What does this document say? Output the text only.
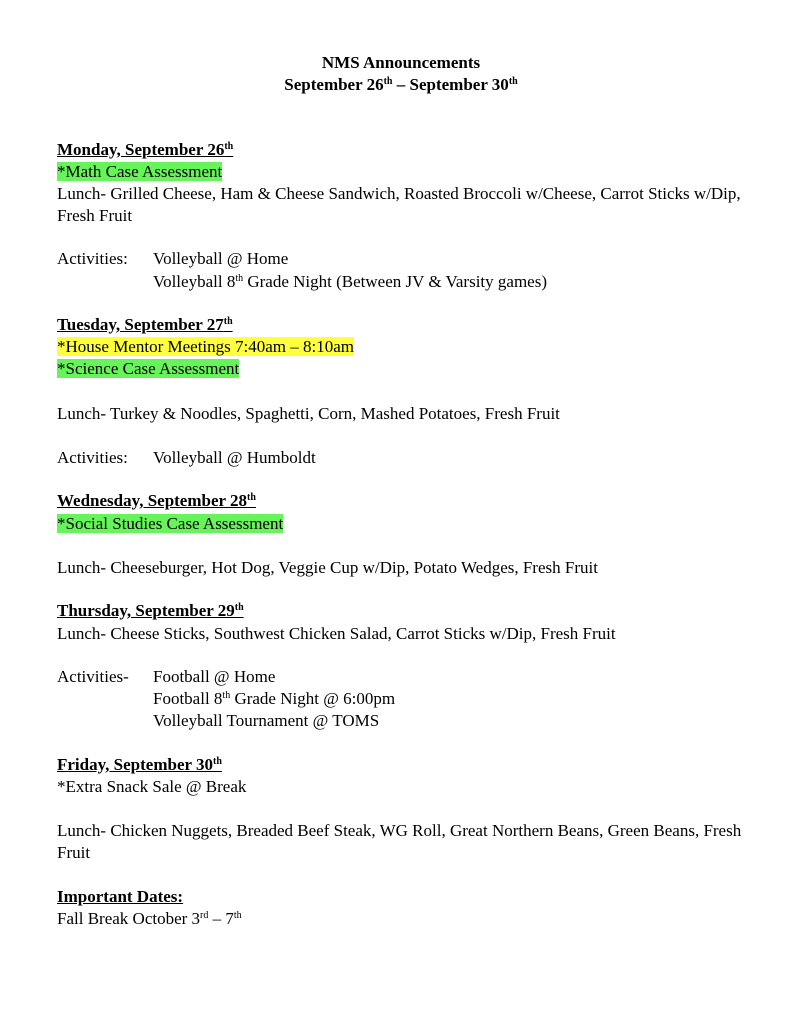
NMS Announcements
September 26th – September 30th
Monday, September 26th
*Math Case Assessment
Lunch- Grilled Cheese, Ham & Cheese Sandwich, Roasted Broccoli w/Cheese, Carrot Sticks w/Dip, Fresh Fruit
Activities: Volleyball @ Home
Volleyball 8th Grade Night (Between JV & Varsity games)
Tuesday, September 27th
*House Mentor Meetings 7:40am – 8:10am
*Science Case Assessment
Lunch- Turkey & Noodles, Spaghetti, Corn, Mashed Potatoes, Fresh Fruit
Activities: Volleyball @ Humboldt
Wednesday, September 28th
*Social Studies Case Assessment
Lunch- Cheeseburger, Hot Dog, Veggie Cup w/Dip, Potato Wedges, Fresh Fruit
Thursday, September 29th
Lunch- Cheese Sticks, Southwest Chicken Salad, Carrot Sticks w/Dip, Fresh Fruit
Activities- Football @ Home
Football 8th Grade Night @ 6:00pm
Volleyball Tournament @ TOMS
Friday, September 30th
*Extra Snack Sale @ Break
Lunch- Chicken Nuggets, Breaded Beef Steak, WG Roll, Great Northern Beans, Green Beans, Fresh Fruit
Important Dates:
Fall Break October 3rd – 7th
